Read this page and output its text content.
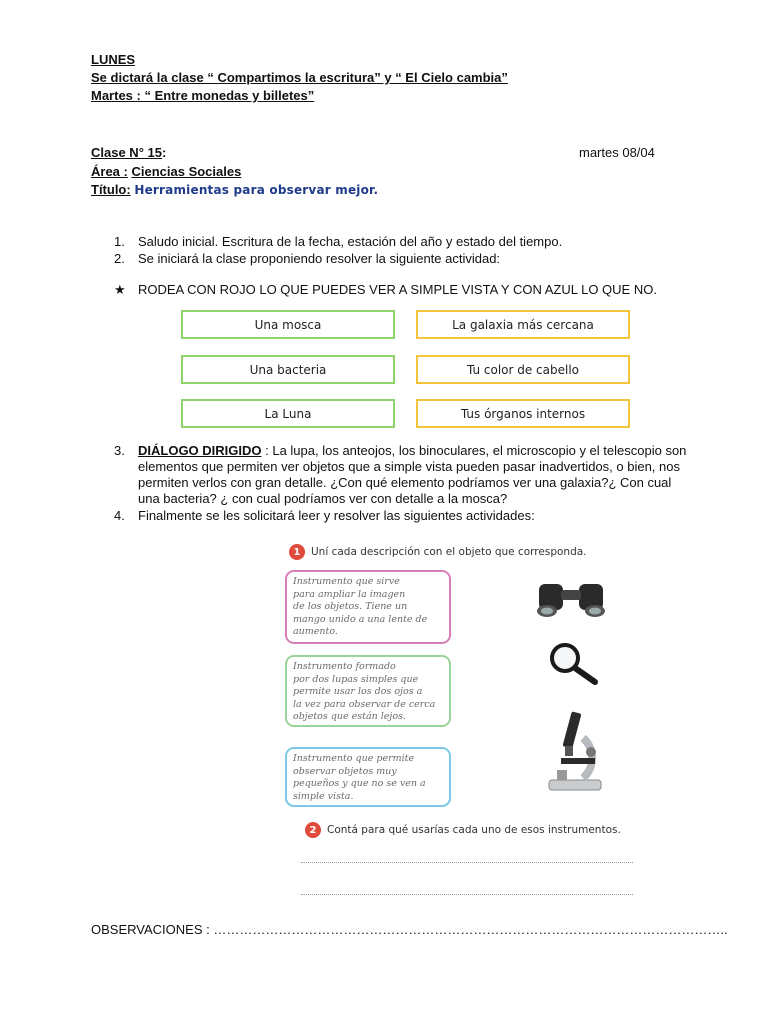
LUNES
Se dictará la clase “ Compartimos la escritura” y “ El Cielo cambia”
Martes : “ Entre monedas y billetes”
Clase N° 15:	martes 08/04
Área : Ciencias Sociales
Título: Herramientas para observar mejor.
1.	Saludo inicial. Escritura de la fecha, estación del año y estado del tiempo.
2.	Se iniciará la clase proponiendo resolver la siguiente actividad:
★ RODEA CON ROJO LO QUE PUEDES VER A SIMPLE VISTA Y CON AZUL LO QUE NO.
Una mosca	La galaxia más cercana
Una bacteria	Tu color de cabello
La Luna	Tus órganos internos
3.	DIÁLOGO DIRIGIDO : La lupa, los anteojos, los binoculares, el microscopio y el telescopio son elementos que permiten ver objetos que a simple vista pueden pasar inadvertidos, o bien, nos permiten verlos con gran detalle. ¿Con qué elemento podríamos ver una galaxia?¿ Con cual una bacteria? ¿ con cual podríamos ver con detalle a la mosca?
4.	Finalmente se les solicitará leer y resolver las siguientes actividades:
1	Uní cada descripción con el objeto que corresponda.
Instrumento que sirve
para ampliar la imagen
de los objetos. Tiene un
mango unido a una lente de
aumento.
Instrumento formado
por dos lupas simples que
permite usar los dos ojos a
la vez para observar de cerca
objetos que están lejos.
Instrumento que permite
observar objetos muy
pequeños y que no se ven a
simple vista.
2	Contá para qué usarías cada uno de esos instrumentos.
OBSERVACIONES : ………………………………………………………………………………………………………..
